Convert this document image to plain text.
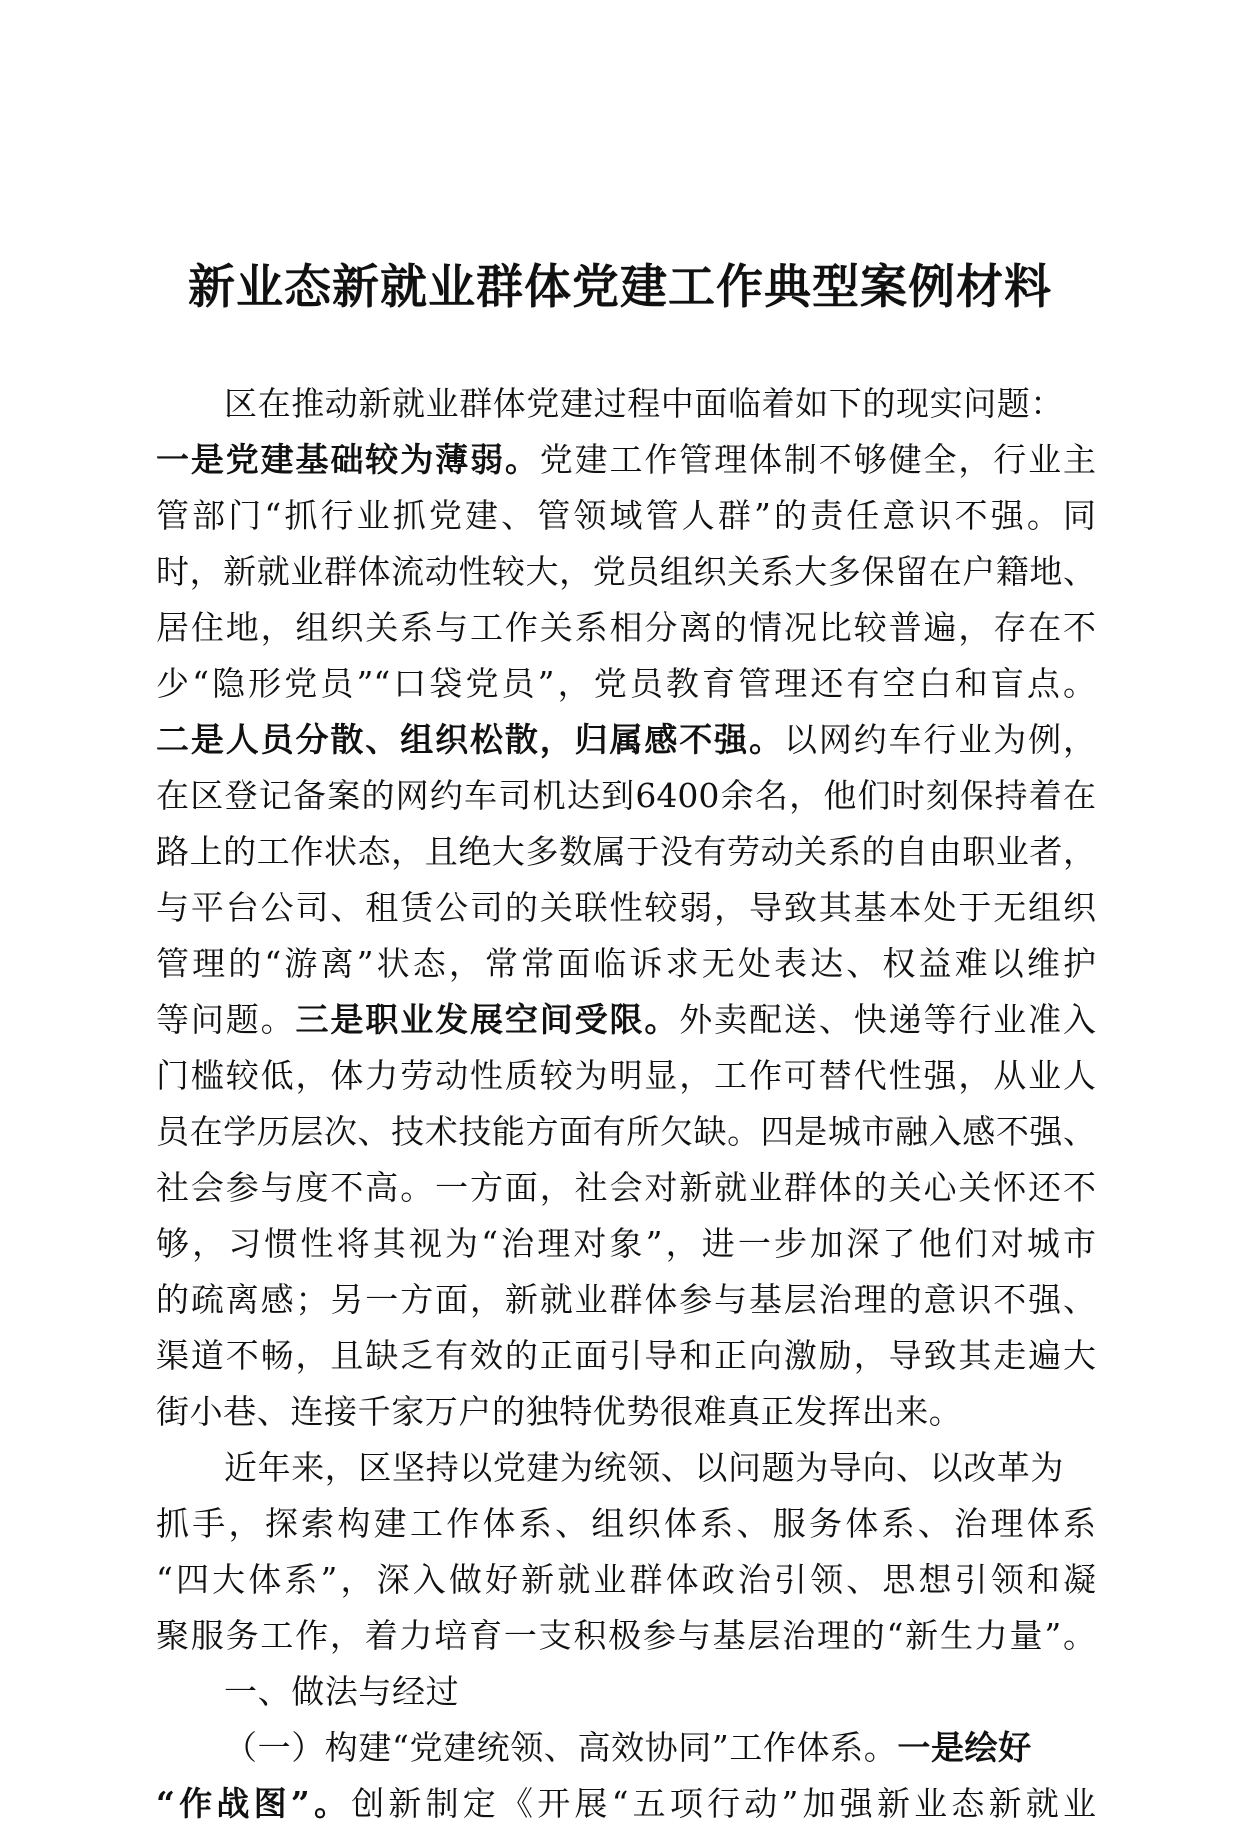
新业态新就业群体党建工作典型案例材料
区在推动新就业群体党建过程中面临着如下的现实问题：
一是党建基础较为薄弱。党建工作管理体制不够健全，行业主
管部门“抓行业抓党建、管领域管人群”的责任意识不强。同
时，新就业群体流动性较大，党员组织关系大多保留在户籍地、
居住地，组织关系与工作关系相分离的情况比较普遍，存在不
少“隐形党员”“口袋党员”，党员教育管理还有空白和盲点。
二是人员分散、组织松散，归属感不强。以网约车行业为例，
在区登记备案的网约车司机达到6400余名，他们时刻保持着在
路上的工作状态，且绝大多数属于没有劳动关系的自由职业者，
与平台公司、租赁公司的关联性较弱，导致其基本处于无组织
管理的“游离”状态，常常面临诉求无处表达、权益难以维护
等问题。三是职业发展空间受限。外卖配送、快递等行业准入
门槛较低，体力劳动性质较为明显，工作可替代性强，从业人
员在学历层次、技术技能方面有所欠缺。四是城市融入感不强、
社会参与度不高。一方面，社会对新就业群体的关心关怀还不
够，习惯性将其视为“治理对象”，进一步加深了他们对城市
的疏离感；另一方面，新就业群体参与基层治理的意识不强、
渠道不畅，且缺乏有效的正面引导和正向激励，导致其走遍大
街小巷、连接千家万户的独特优势很难真正发挥出来。
近年来，区坚持以党建为统领、以问题为导向、以改革为
抓手，探索构建工作体系、组织体系、服务体系、治理体系
“四大体系”，深入做好新就业群体政治引领、思想引领和凝
聚服务工作，着力培育一支积极参与基层治理的“新生力量”。
一、做法与经过
（一）构建“党建统领、高效协同”工作体系。一是绘好
“作战图”。创新制定《开展“五项行动”加强新业态新就业
